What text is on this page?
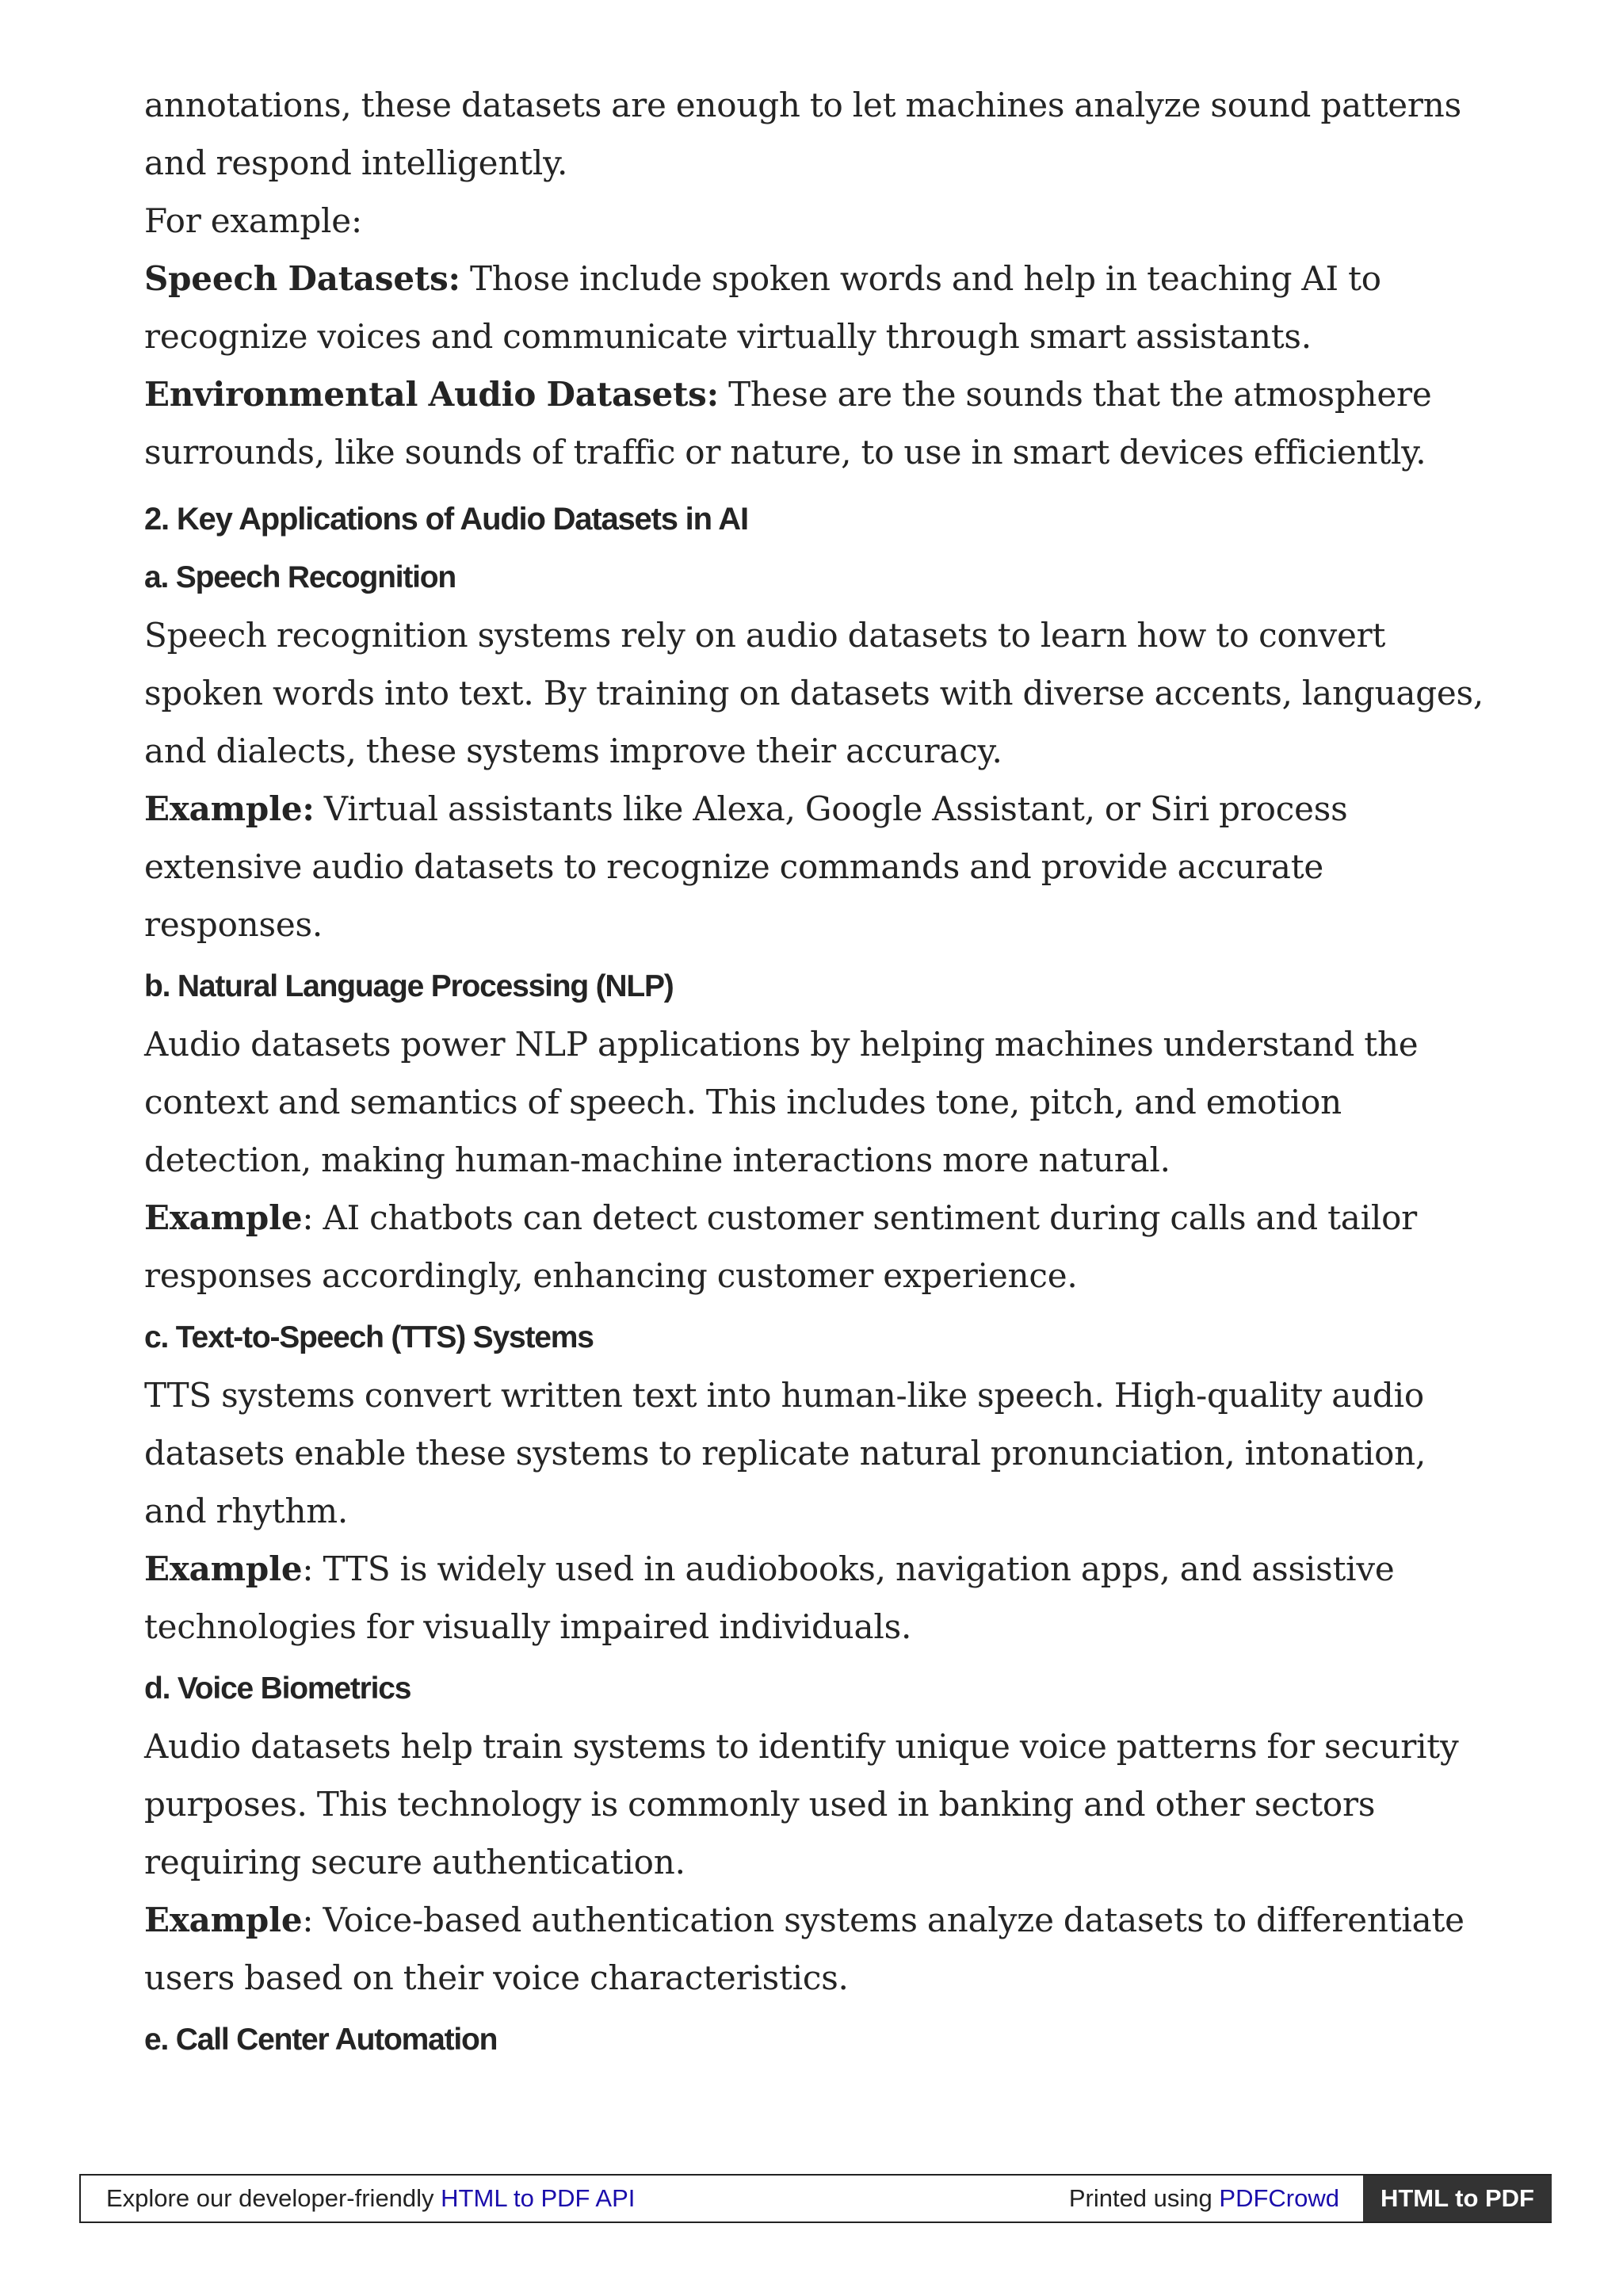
annotations, these datasets are enough to let machines analyze sound patterns and respond intelligently.
For example:
Speech Datasets: Those include spoken words and help in teaching AI to recognize voices and communicate virtually through smart assistants.
Environmental Audio Datasets: These are the sounds that the atmosphere surrounds, like sounds of traffic or nature, to use in smart devices efficiently.

2. Key Applications of Audio Datasets in AI
a. Speech Recognition

Speech recognition systems rely on audio datasets to learn how to convert spoken words into text. By training on datasets with diverse accents, languages, and dialects, these systems improve their accuracy.
Example: Virtual assistants like Alexa, Google Assistant, or Siri process extensive audio datasets to recognize commands and provide accurate responses.

b. Natural Language Processing (NLP)

Audio datasets power NLP applications by helping machines understand the context and semantics of speech. This includes tone, pitch, and emotion detection, making human-machine interactions more natural.
Example: AI chatbots can detect customer sentiment during calls and tailor responses accordingly, enhancing customer experience.

c. Text-to-Speech (TTS) Systems

TTS systems convert written text into human-like speech. High-quality audio datasets enable these systems to replicate natural pronunciation, intonation, and rhythm.
Example: TTS is widely used in audiobooks, navigation apps, and assistive technologies for visually impaired individuals.

d. Voice Biometrics

Audio datasets help train systems to identify unique voice patterns for security purposes. This technology is commonly used in banking and other sectors requiring secure authentication.
Example: Voice-based authentication systems analyze datasets to differentiate users based on their voice characteristics.

e. Call Center Automation
Explore our developer-friendly HTML to PDF API	Printed using PDFCrowd	HTML to PDF
